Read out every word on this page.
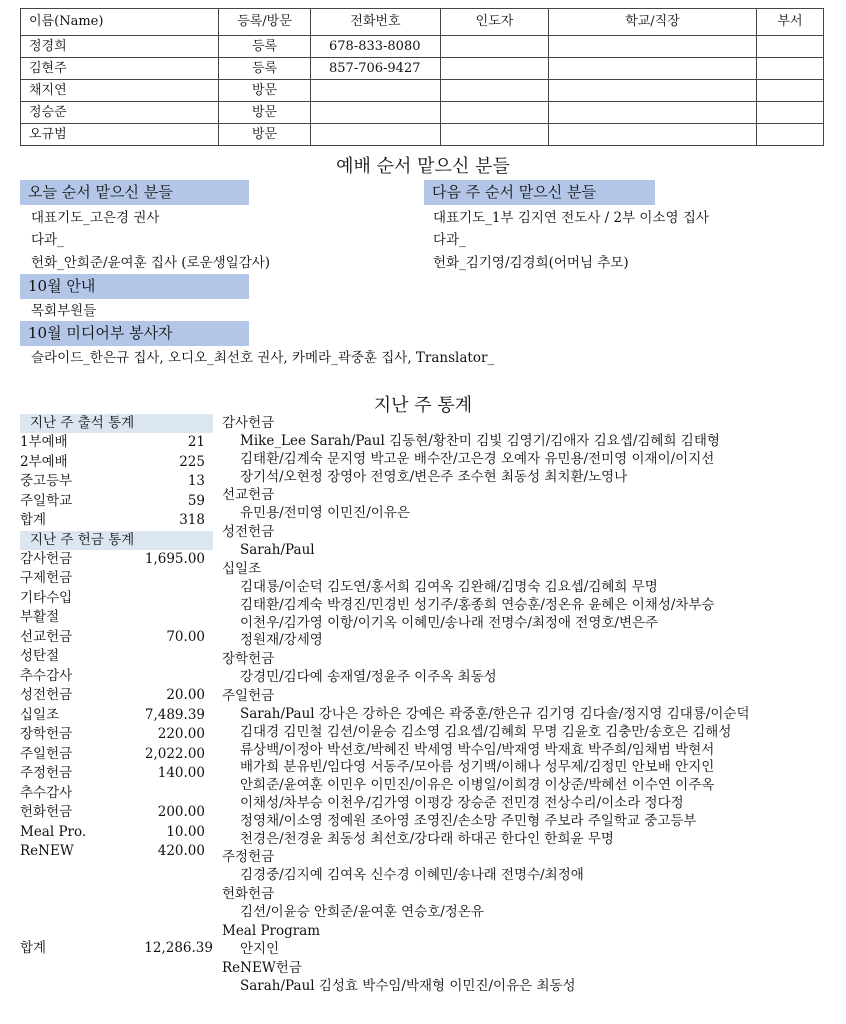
이름(Name)	등록/방문	전화번호	인도자	학교/직장	부서
정경희	등록	678-833-8080			
김현주	등록	857-706-9427			
채지연	방문				
정승준	방문				
오규범	방문				
예배 순서 맡으신 분들
오늘 순서 맡으신 분들
대표기도_고은경 권사
다과_
헌화_안희준/윤여훈 집사 (로운생일감사)
다음 주 순서 맡으신 분들
대표기도_1부 김지연 전도사 / 2부 이소영 집사
다과_
헌화_김기영/김경희(어머님 추모)
10월 안내
목회부원들
10월 미디어부 봉사자
슬라이드_한은규 집사, 오디오_최선호 권사, 카메라_곽중훈 집사, Translator_
지난 주 통계
지난 주 출석 통계
1부예배	21
2부예배	225
중고등부	13
주일학교	59
합계	318
지난 주 헌금 통계
감사헌금	1,695.00
구제헌금
기타수입
부활절
선교헌금	70.00
성탄절
추수감사
성전헌금	20.00
십일조	7,489.39
장학헌금	220.00
주일헌금	2,022.00
주정헌금	140.00
추수감사
헌화헌금	200.00
Meal Pro.	10.00
ReNEW	420.00
합계	12,286.39
감사헌금
Mike_Lee Sarah/Paul 김동현/황찬미 김빛 김영기/김애자 김요셉/김혜희 김태형
김태환/김계숙 문지영 박고운 배수잔/고은경 오예자 유민용/전미영 이재이/이지선
장기석/오현정 장영아 전영호/변은주 조수현 최동성 최치환/노영나
선교헌금
유민용/전미영 이민진/이유은
성전헌금
Sarah/Paul
십일조
김대룡/이순덕 김도연/홍서희 김여옥 김완해/김명숙 김요셉/김혜희 무명
김태환/김계숙 박경진/민경빈 성기주/홍종희 연승훈/정온유 윤혜은 이채성/차부승
이천우/김가영 이항/이기옥 이혜민/송나래 전명수/최정애 전영호/변은주
정원재/강세영
장학헌금
강경민/김다예 송재열/정윤주 이주옥 최동성
주일헌금
Sarah/Paul 강나은 강하은 강예은 곽중훈/한은규 김기영 김다솔/정지영 김대룡/이순덕
김대경 김민철 김션/이윤승 김소영 김요셉/김혜희 무명 김윤호 김충만/송호은 김해성
류상백/이정아 박선호/박혜진 박세영 박수임/박재영 박재효 박주희/임채범 박현서
배가희 분유빈/임다영 서동주/모아름 성기백/이해나 성무제/김정민 안보배 안지인
안희준/윤여훈 이민우 이민진/이유은 이병일/이희경 이상준/박혜선 이수연 이주옥
이채성/차부승 이천우/김가영 이평강 장승준 전민경 전상수리/이소라 정다정
정영채/이소영 정예원 조아영 조영진/손소망 주민형 주보라 주일학교 중고등부
천경은/천경윤 최동성 최선호/강다래 하대곤 한다인 한희윤 무명
주정헌금
김경중/김지예 김여옥 신수경 이혜민/송나래 전명수/최정애
헌화헌금
김션/이윤승 안희준/윤여훈 연승호/정온유
Meal Program
안지인
ReNEW헌금
Sarah/Paul 김성효 박수임/박재형 이민진/이유은 최동성
